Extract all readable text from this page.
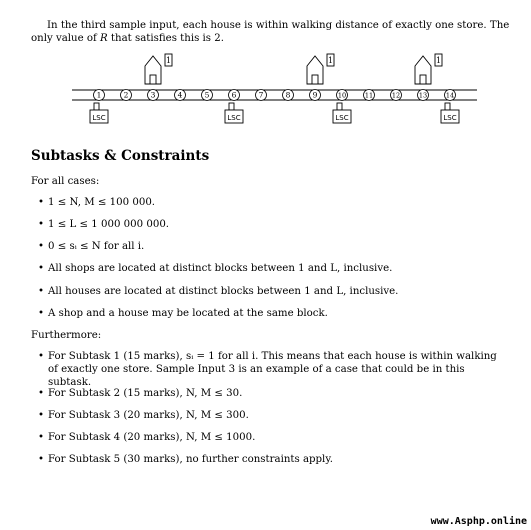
In the third sample input, each house is within walking distance of exactly one store. The only value of R that satisfies this is 2.

1	2	3	4	5	6	7	8	9	10	11	12	13	14
1	1	1
LSC	LSC	LSC	LSC
Subtasks & Constraints

For all cases:

• 1 ≤ N, M ≤ 100 000.
• 1 ≤ L ≤ 1 000 000 000.
• 0 ≤ sᵢ ≤ N for all i.
• All shops are located at distinct blocks between 1 and L, inclusive.
• All houses are located at distinct blocks between 1 and L, inclusive.
• A shop and a house may be located at the same block.

Furthermore:

• For Subtask 1 (15 marks), sᵢ = 1 for all i. This means that each house is within walking of exactly one store. Sample Input 3 is an example of a case that could be in this subtask.
• For Subtask 2 (15 marks), N, M ≤ 30.
• For Subtask 3 (20 marks), N, M ≤ 300.
• For Subtask 4 (20 marks), N, M ≤ 1000.
• For Subtask 5 (30 marks), no further constraints apply.
www.Asphp.online
